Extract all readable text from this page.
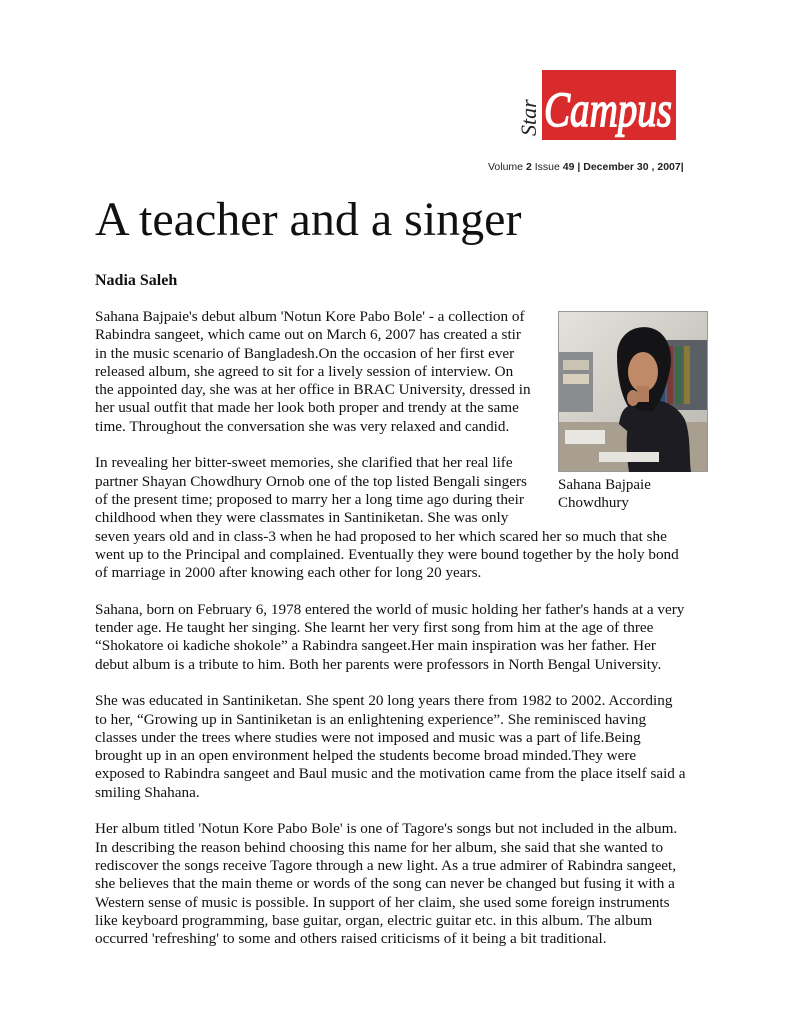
Star Campus
Volume 2 Issue 49 | December 30 , 2007|
A teacher and a singer
Nadia Saleh
Sahana Bajpaie
Chowdhury

Sahana Bajpaie's debut album 'Notun Kore Pabo Bole' - a collection of
Rabindra sangeet, which came out on March 6, 2007 has created a stir
in the music scenario of Bangladesh.On the occasion of her first ever
released album, she agreed to sit for a lively session of interview. On
the appointed day, she was at her office in BRAC University, dressed in
her usual outfit that made her look both proper and trendy at the same
time. Throughout the conversation she was very relaxed and candid.

In revealing her bitter-sweet memories, she clarified that her real life
partner Shayan Chowdhury Ornob one of the top listed Bengali singers
of the present time; proposed to marry her a long time ago during their
childhood when they were classmates in Santiniketan. She was only
seven years old and in class-3 when he had proposed to her which scared her so much that she
went up to the Principal and complained. Eventually they were bound together by the holy bond
of marriage in 2000 after knowing each other for long 20 years.

Sahana, born on February 6, 1978 entered the world of music holding her father's hands at a very
tender age. He taught her singing. She learnt her very first song from him at the age of three
“Shokatore oi kadiche shokole” a Rabindra sangeet.Her main inspiration was her father. Her
debut album is a tribute to him. Both her parents were professors in North Bengal University.

She was educated in Santiniketan. She spent 20 long years there from 1982 to 2002. According
to her, “Growing up in Santiniketan is an enlightening experience”. She reminisced having
classes under the trees where studies were not imposed and music was a part of life.Being
brought up in an open environment helped the students become broad minded.They were
exposed to Rabindra sangeet and Baul music and the motivation came from the place itself said a
smiling Shahana.

Her album titled 'Notun Kore Pabo Bole' is one of Tagore's songs but not included in the album.
In describing the reason behind choosing this name for her album, she said that she wanted to
rediscover the songs receive Tagore through a new light. As a true admirer of Rabindra sangeet,
she believes that the main theme or words of the song can never be changed but fusing it with a
Western sense of music is possible. In support of her claim, she used some foreign instruments
like keyboard programming, base guitar, organ, electric guitar etc. in this album. The album
occurred 'refreshing' to some and others raised criticisms of it being a bit traditional.
